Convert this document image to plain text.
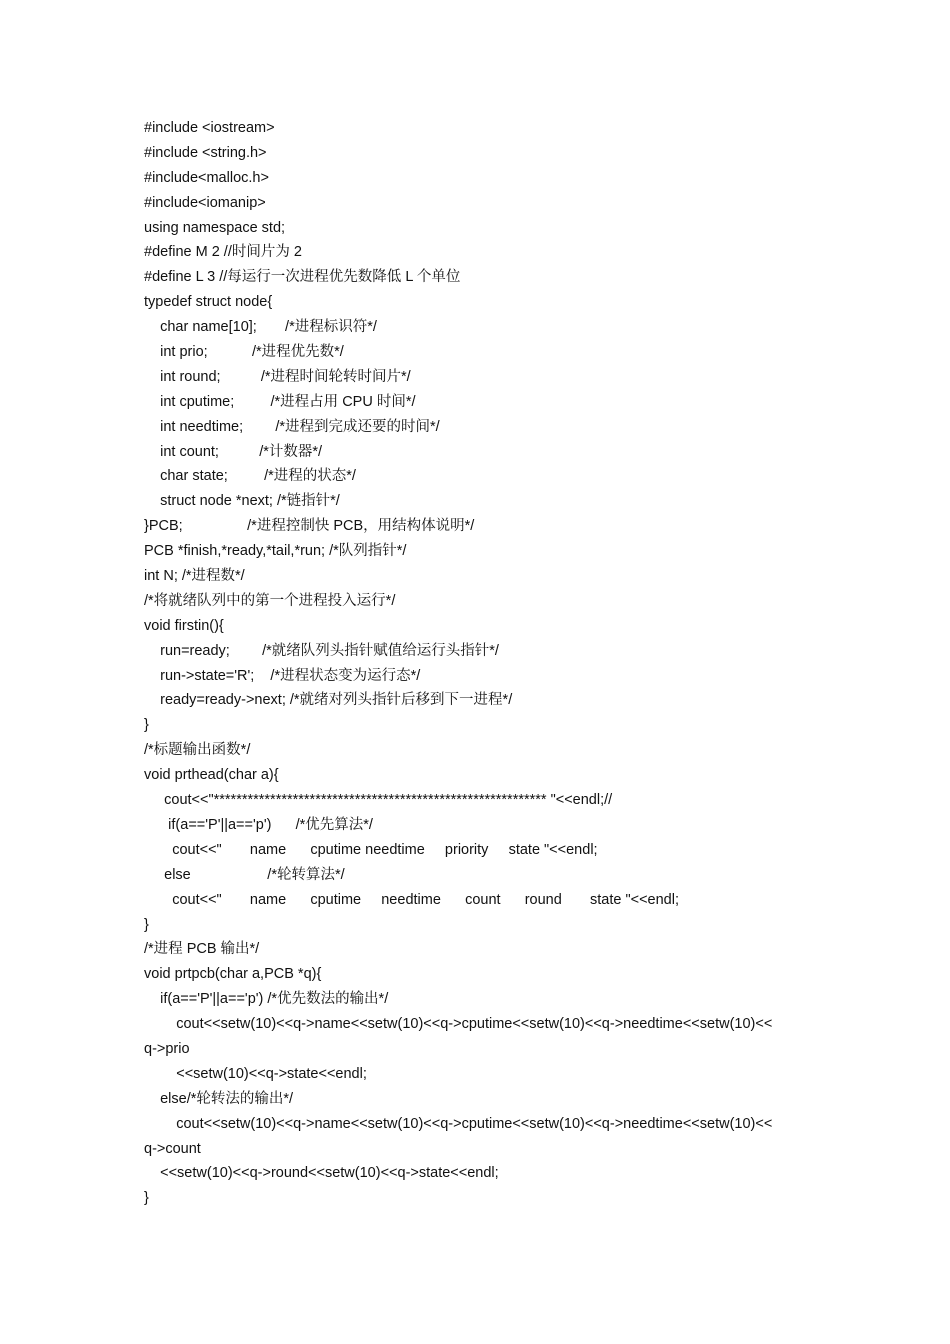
#include <iostream>
#include <string.h>
#include<malloc.h>
#include<iomanip>
using namespace std;
#define M 2 //时间片为 2
#define L 3 //每运行一次进程优先数降低 L 个单位
typedef struct node{
char name[10];       /*进程标识符*/
int prio;           /*进程优先数*/
int round;          /*进程时间轮转时间片*/
int cputime;         /*进程占用 CPU 时间*/
int needtime;        /*进程到完成还要的时间*/
int count;          /*计数器*/
char state;         /*进程的状态*/
struct node *next; /*链指针*/
}PCB;                /*进程控制快 PCB，用结构体说明*/
PCB *finish,*ready,*tail,*run; /*队列指针*/
int N; /*进程数*/
/*将就绪队列中的第一个进程投入运行*/
void firstin(){
run=ready;        /*就绪队列头指针赋值给运行头指针*/
run->state='R';    /*进程状态变为运行态*/
ready=ready->next; /*就绪对列头指针后移到下一进程*/
}
/*标题输出函数*/
void prthead(char a){
cout<<"*********************************************************** "<<endl;//
if(a=='P'||a=='p')      /*优先算法*/
cout<<"       name      cputime needtime     priority     state "<<endl;
else                   /*轮转算法*/
cout<<"       name      cputime     needtime      count      round       state "<<endl;
}
/*进程 PCB 输出*/
void prtpcb(char a,PCB *q){
if(a=='P'||a=='p') /*优先数法的输出*/
cout<<setw(10)<<q->name<<setw(10)<<q->cputime<<setw(10)<<q->needtime<<setw(10)<<
q->prio
<<setw(10)<<q->state<<endl;
else/*轮转法的输出*/
cout<<setw(10)<<q->name<<setw(10)<<q->cputime<<setw(10)<<q->needtime<<setw(10)<<
q->count
<<setw(10)<<q->round<<setw(10)<<q->state<<endl;
}
